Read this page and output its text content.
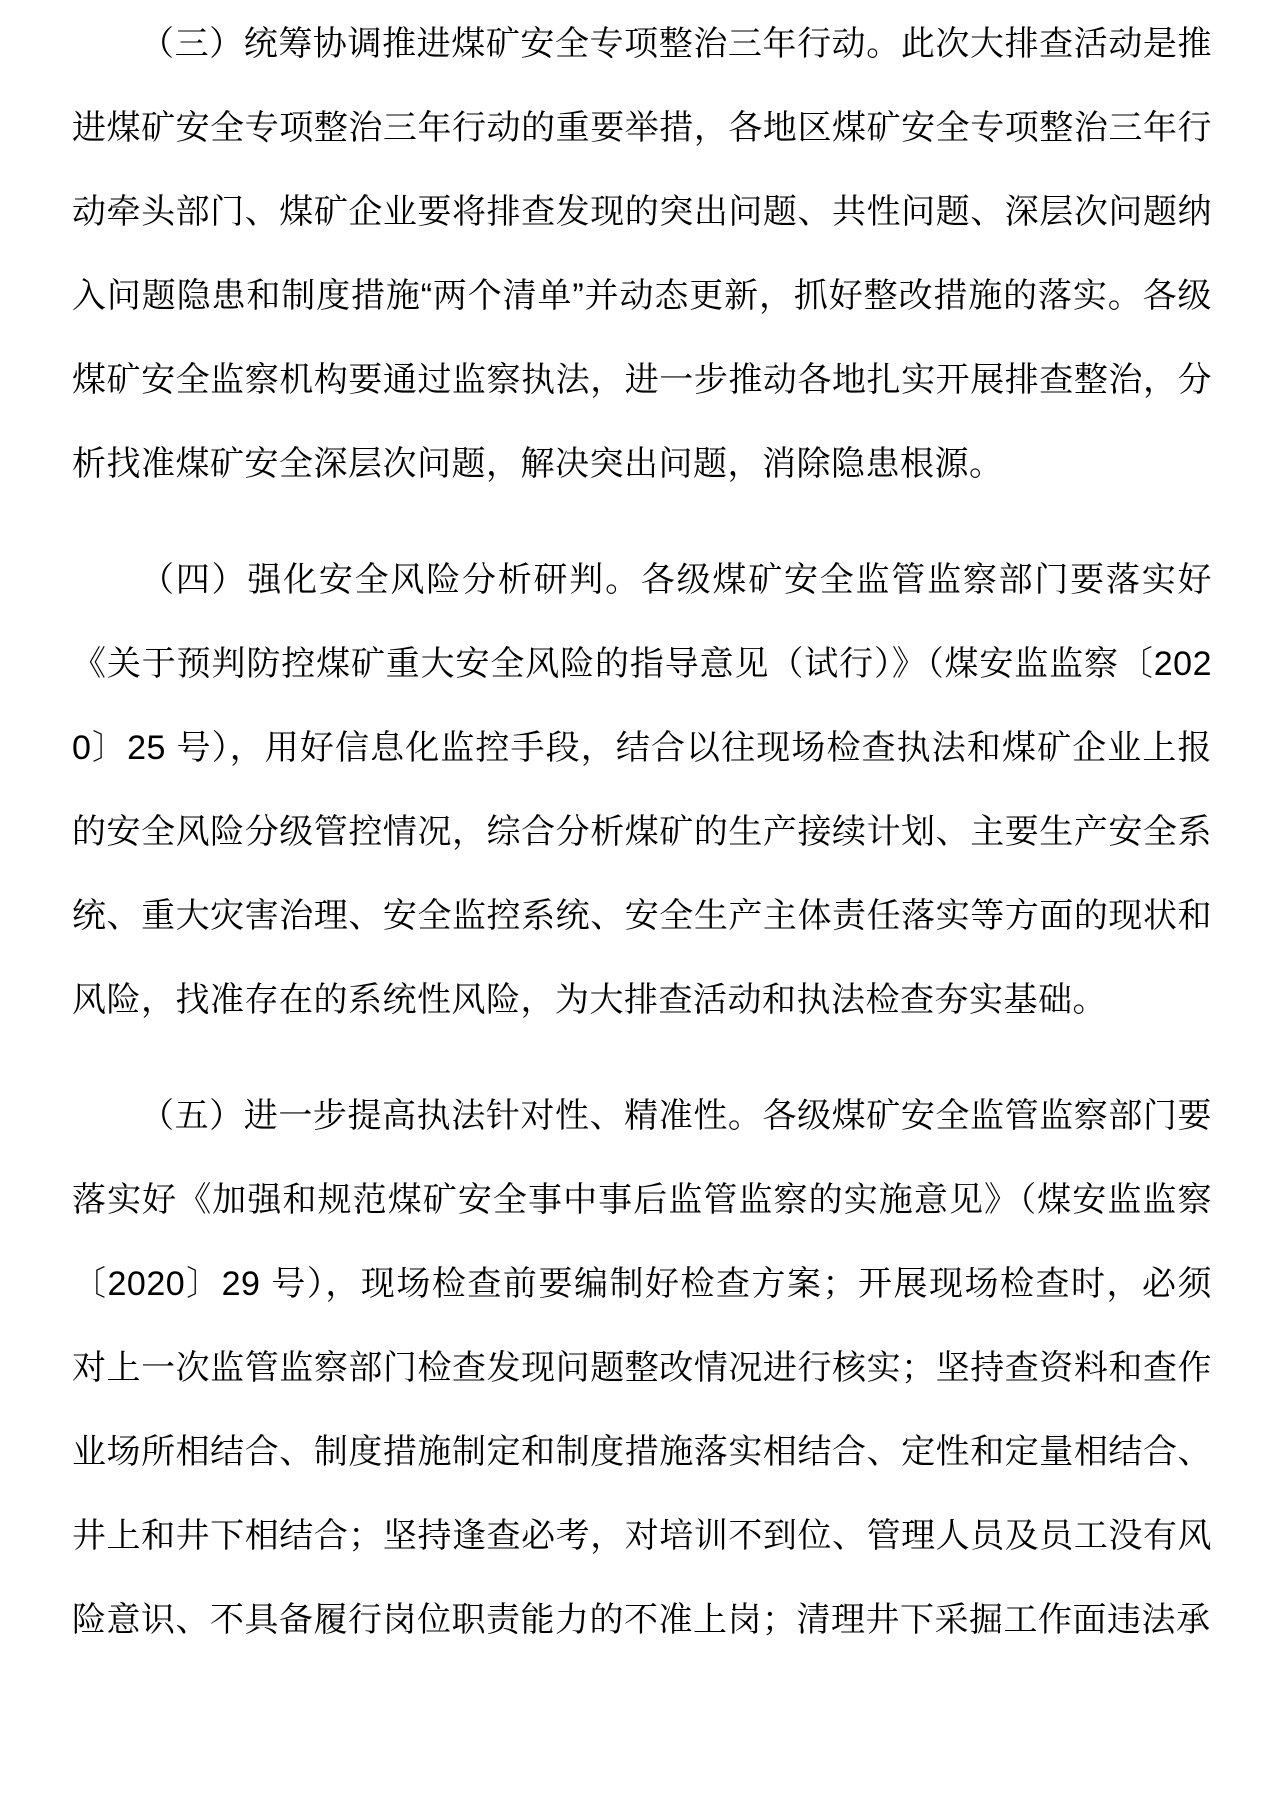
（三）统筹协调推进煤矿安全专项整治三年行动。此次大排查活动是推进煤矿安全专项整治三年行动的重要举措，各地区煤矿安全专项整治三年行动牵头部门、煤矿企业要将排查发现的突出问题、共性问题、深层次问题纳入问题隐患和制度措施“两个清单”并动态更新，抓好整改措施的落实。各级煤矿安全监察机构要通过监察执法，进一步推动各地扎实开展排查整治，分析找准煤矿安全深层次问题，解决突出问题，消除隐患根源。

（四）强化安全风险分析研判。各级煤矿安全监管监察部门要落实好《关于预判防控煤矿重大安全风险的指导意见（试行）》（煤安监监察〔2020〕25 号），用好信息化监控手段，结合以往现场检查执法和煤矿企业上报的安全风险分级管控情况，综合分析煤矿的生产接续计划、主要生产安全系统、重大灾害治理、安全监控系统、安全生产主体责任落实等方面的现状和风险，找准存在的系统性风险，为大排查活动和执法检查夯实基础。

（五）进一步提高执法针对性、精准性。各级煤矿安全监管监察部门要落实好《加强和规范煤矿安全事中事后监管监察的实施意见》（煤安监监察〔2020〕29 号），现场检查前要编制好检查方案；开展现场检查时，必须对上一次监管监察部门检查发现问题整改情况进行核实；坚持查资料和查作业场所相结合、制度措施制定和制度措施落实相结合、定性和定量相结合、井上和井下相结合；坚持逢查必考，对培训不到位、管理人员及员工没有风险意识、不具备履行岗位职责能力的不准上岗；清理井下采掘工作面违法承
